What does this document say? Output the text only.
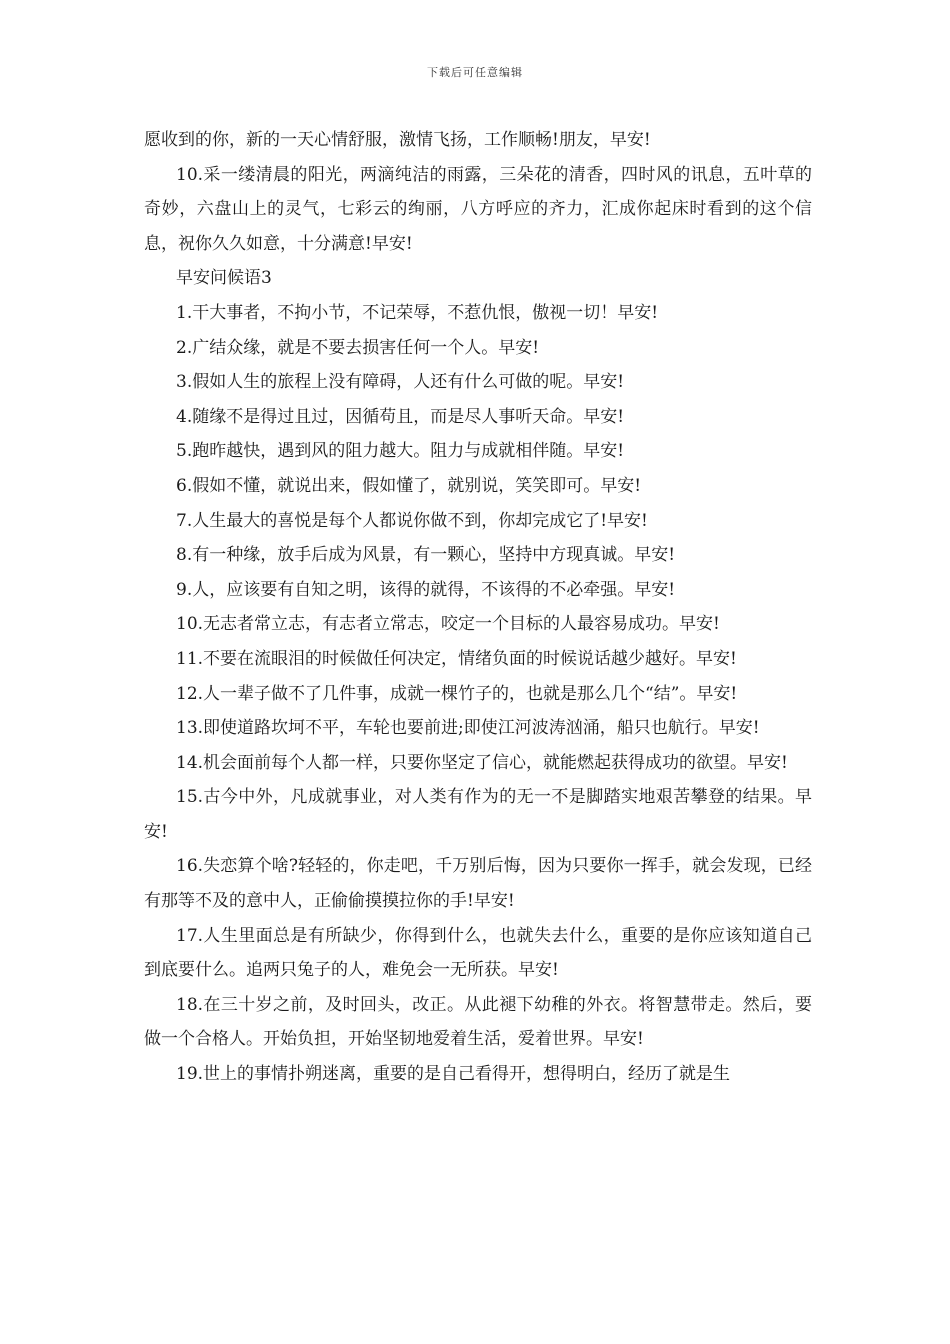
下载后可任意编辑

愿收到的你，新的一天心情舒服，激情飞扬，工作顺畅!朋友，早安!

10.采一缕清晨的阳光，两滴纯洁的雨露，三朵花的清香，四时风的讯息，五叶草的奇妙，六盘山上的灵气，七彩云的绚丽，八方呼应的齐力，汇成你起床时看到的这个信息，祝你久久如意，十分满意!早安!

早安问候语3

1.干大事者，不拘小节，不记荣辱，不惹仇恨，傲视一切！早安!

2.广结众缘，就是不要去损害任何一个人。早安!

3.假如人生的旅程上没有障碍，人还有什么可做的呢。早安!

4.随缘不是得过且过，因循苟且，而是尽人事听天命。早安!

5.跑昨越快，遇到风的阻力越大。阻力与成就相伴随。早安!

6.假如不懂，就说出来，假如懂了，就别说，笑笑即可。早安!

7.人生最大的喜悦是每个人都说你做不到，你却完成它了!早安!

8.有一种缘，放手后成为风景，有一颗心，坚持中方现真诚。早安!

9.人，应该要有自知之明，该得的就得，不该得的不必牵强。早安!

10.无志者常立志，有志者立常志，咬定一个目标的人最容易成功。早安!

11.不要在流眼泪的时候做任何决定，情绪负面的时候说话越少越好。早安!

12.人一辈子做不了几件事，成就一棵竹子的，也就是那么几个“结”。早安!

13.即使道路坎坷不平，车轮也要前进;即使江河波涛汹涌，船只也航行。早安!

14.机会面前每个人都一样，只要你坚定了信心，就能燃起获得成功的欲望。早安!

15.古今中外，凡成就事业，对人类有作为的无一不是脚踏实地艰苦攀登的结果。早安!

16.失恋算个啥?轻轻的，你走吧，千万别后悔，因为只要你一挥手，就会发现，已经有那等不及的意中人，正偷偷摸摸拉你的手!早安!

17.人生里面总是有所缺少，你得到什么，也就失去什么，重要的是你应该知道自己到底要什么。追两只兔子的人，难免会一无所获。早安!

18.在三十岁之前，及时回头，改正。从此褪下幼稚的外衣。将智慧带走。然后，要做一个合格人。开始负担，开始坚韧地爱着生活，爱着世界。早安!

19.世上的事情扑朔迷离，重要的是自己看得开，想得明白，经历了就是生
